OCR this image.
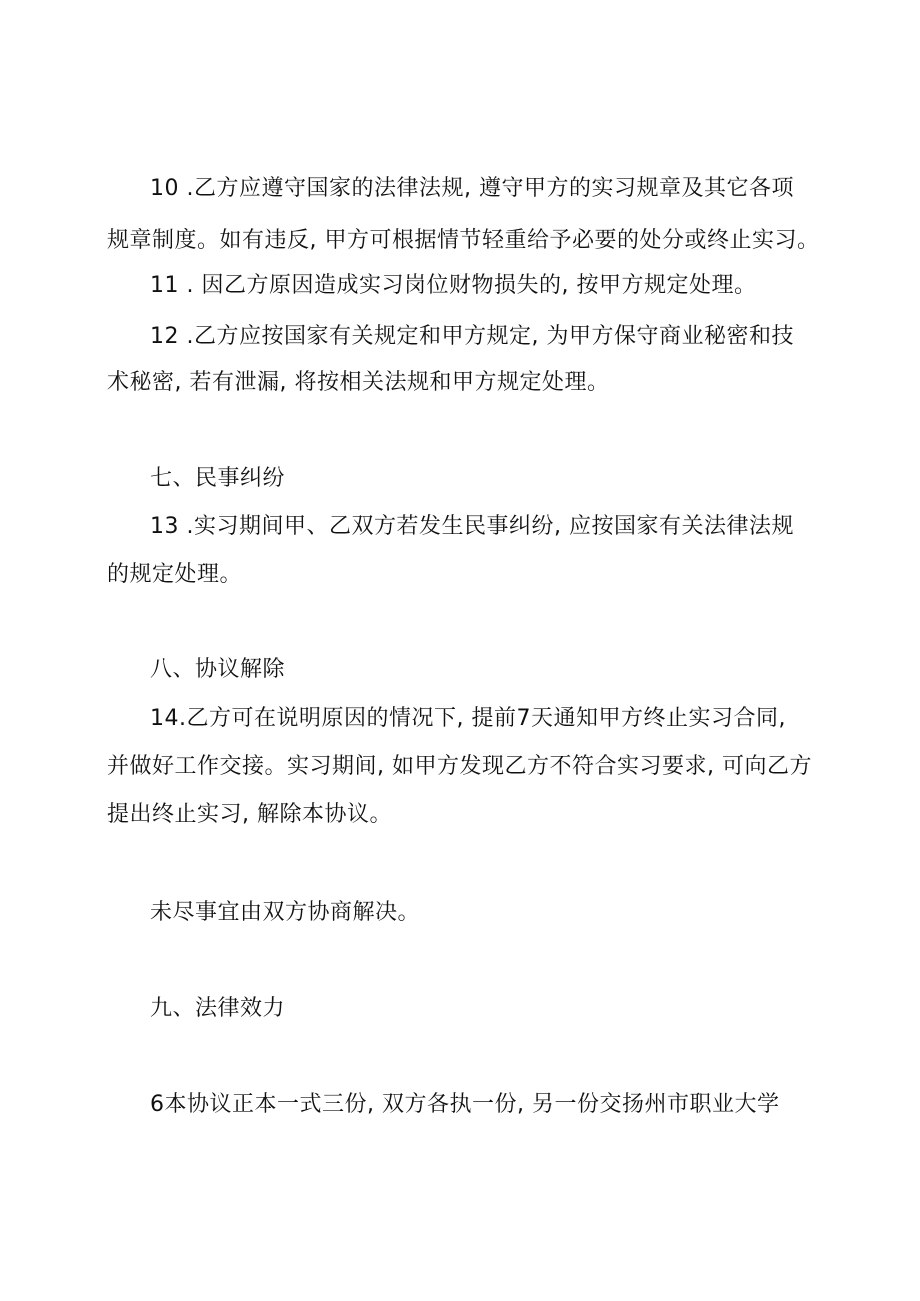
10 .乙方应遵守国家的法律法规, 遵守甲方的实习规章及其它各项
规章制度。如有违反, 甲方可根据情节轻重给予必要的处分或终止实习。
11 . 因乙方原因造成实习岗位财物损失的, 按甲方规定处理。
12 .乙方应按国家有关规定和甲方规定, 为甲方保守商业秘密和技
术秘密, 若有泄漏, 将按相关法规和甲方规定处理。
七、民事纠纷
13 .实习期间甲、乙双方若发生民事纠纷, 应按国家有关法律法规
的规定处理。
八、协议解除
14.乙方可在说明原因的情况下, 提前7天通知甲方终止实习合同,
并做好工作交接。实习期间, 如甲方发现乙方不符合实习要求, 可向乙方
提出终止实习, 解除本协议。
未尽事宜由双方协商解决。
九、法律效力
6本协议正本一式三份, 双方各执一份, 另一份交扬州市职业大学
